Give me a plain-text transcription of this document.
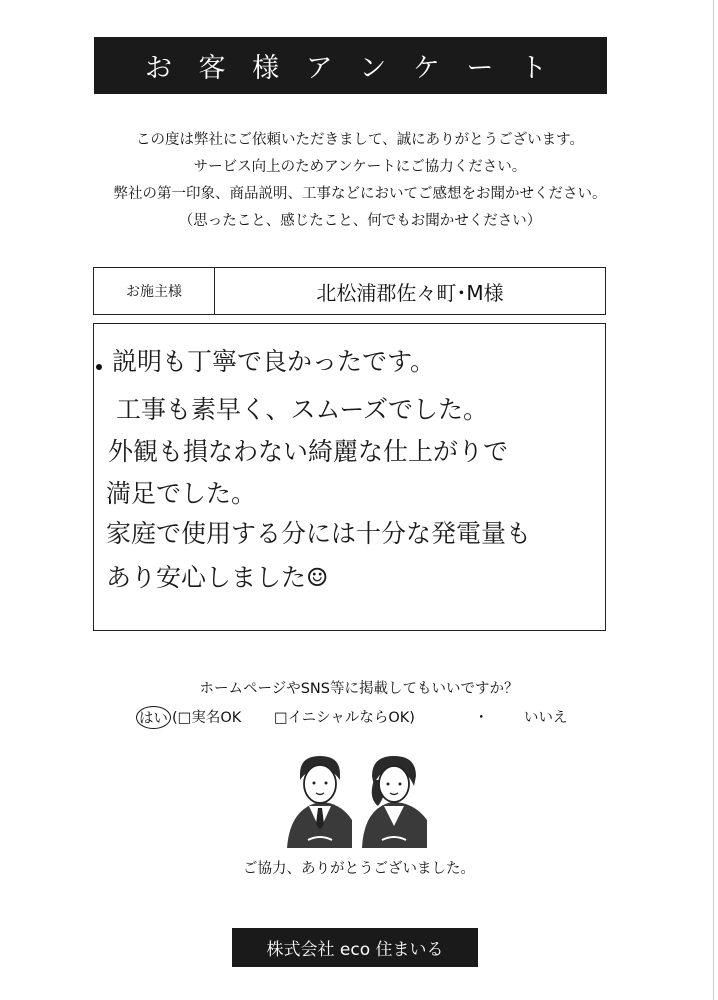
お 客 様 ア ン ケ ー ト
この度は弊社にご依頼いただきまして、誠にありがとうございます。
サービス向上のためアンケートにご協力ください。
弊社の第一印象、商品説明、工事などにおいてご感想をお聞かせください。
（思ったこと、感じたこと、何でもお聞かせください）
お施主様	北松浦郡佐々町･M様
説明も丁寧で良かったです。
工事も素早く、スムーズでした。
外観も損なわない綺麗な仕上がりで
満足でした。
家庭で使用する分には十分な発電量も
あり安心しました☺
ホームページやSNS等に掲載してもいいですか？
はい (□実名OK □イニシャルならOK)	・ いいえ
ご協力、ありがとうございました。
株式会社 eco 住まいる
